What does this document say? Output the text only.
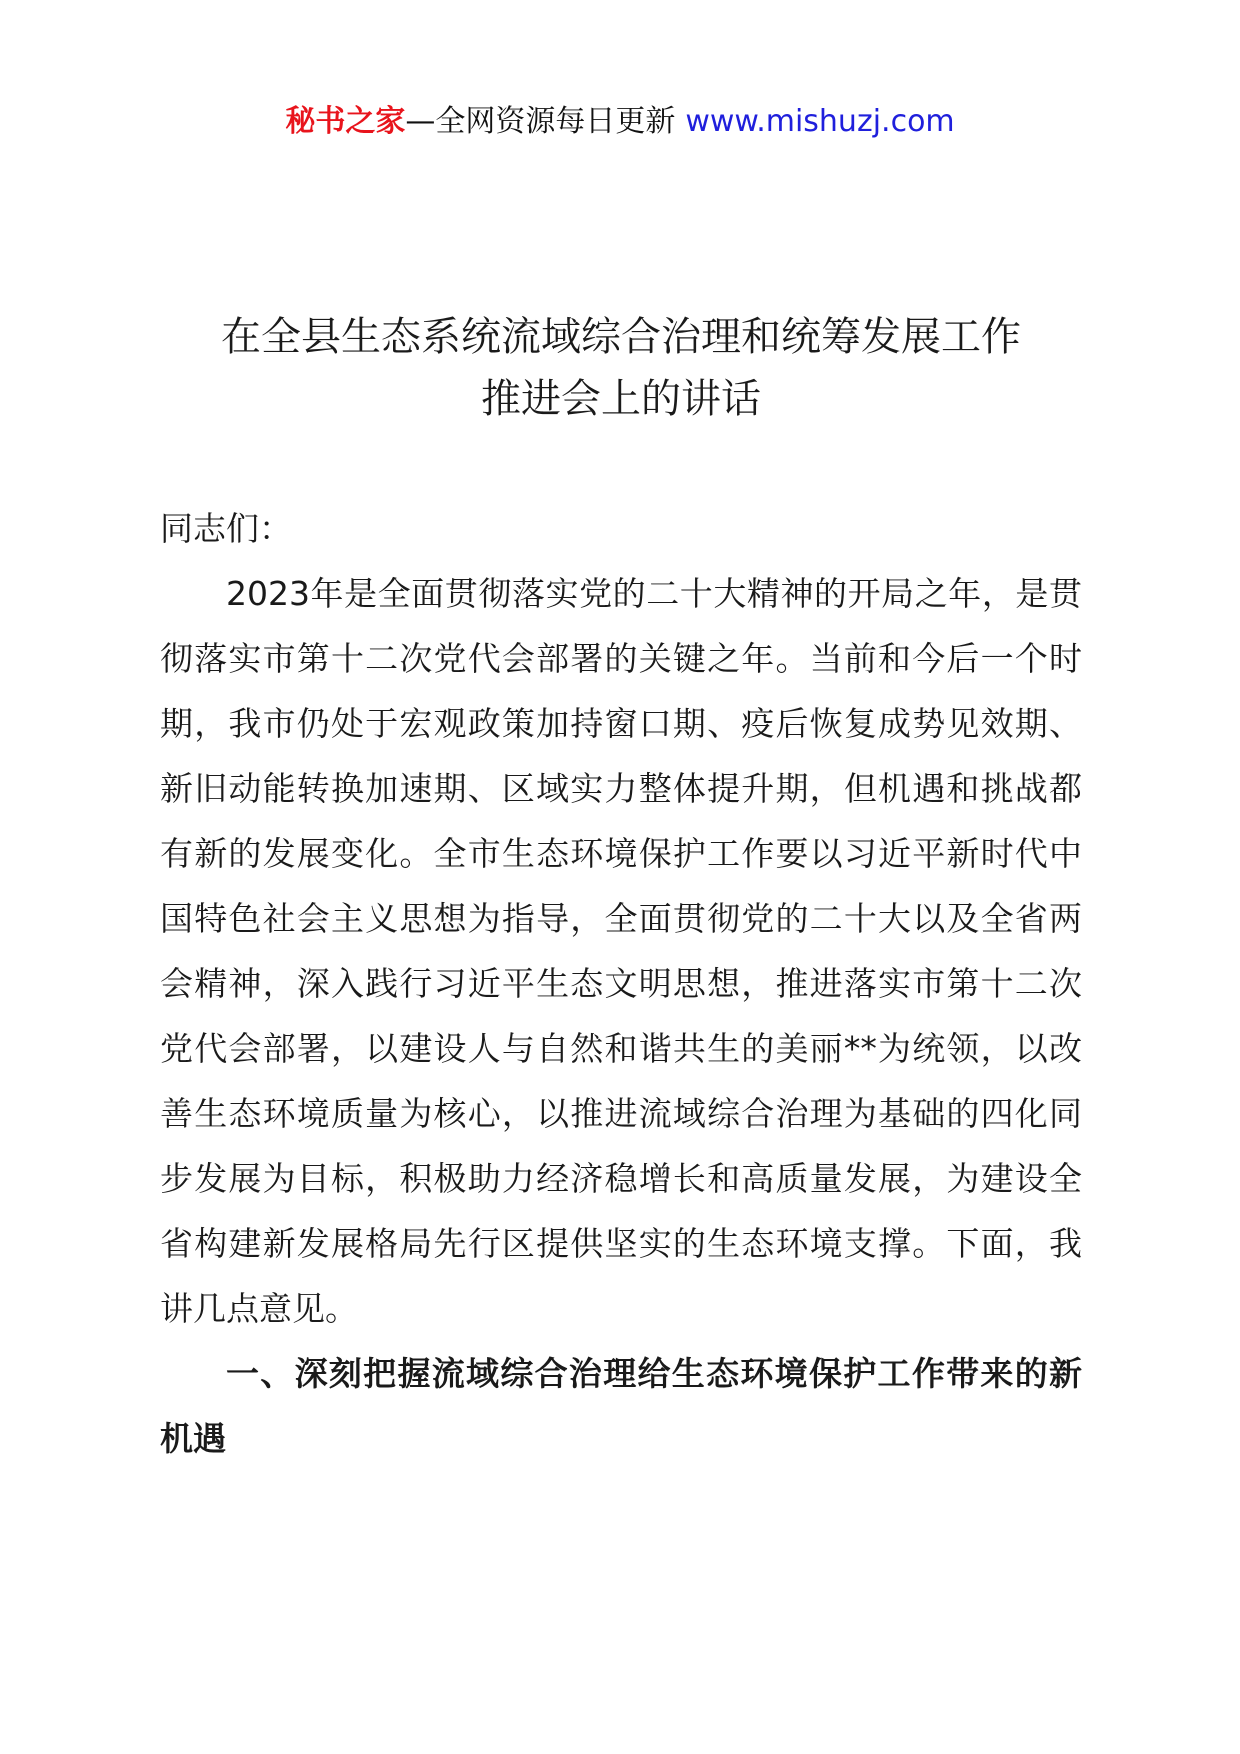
秘书之家—全网资源每日更新 www.mishuzj.com
在全县生态系统流域综合治理和统筹发展工作
推进会上的讲话

同志们：

2023年是全面贯彻落实党的二十大精神的开局之年，是贯彻落实市第十二次党代会部署的关键之年。当前和今后一个时期，我市仍处于宏观政策加持窗口期、疫后恢复成势见效期、新旧动能转换加速期、区域实力整体提升期，但机遇和挑战都有新的发展变化。全市生态环境保护工作要以习近平新时代中国特色社会主义思想为指导，全面贯彻党的二十大以及全省两会精神，深入践行习近平生态文明思想，推进落实市第十二次党代会部署，以建设人与自然和谐共生的美丽**为统领，以改善生态环境质量为核心，以推进流域综合治理为基础的四化同步发展为目标，积极助力经济稳增长和高质量发展，为建设全省构建新发展格局先行区提供坚实的生态环境支撑。下面，我讲几点意见。

一、深刻把握流域综合治理给生态环境保护工作带来的新机遇
